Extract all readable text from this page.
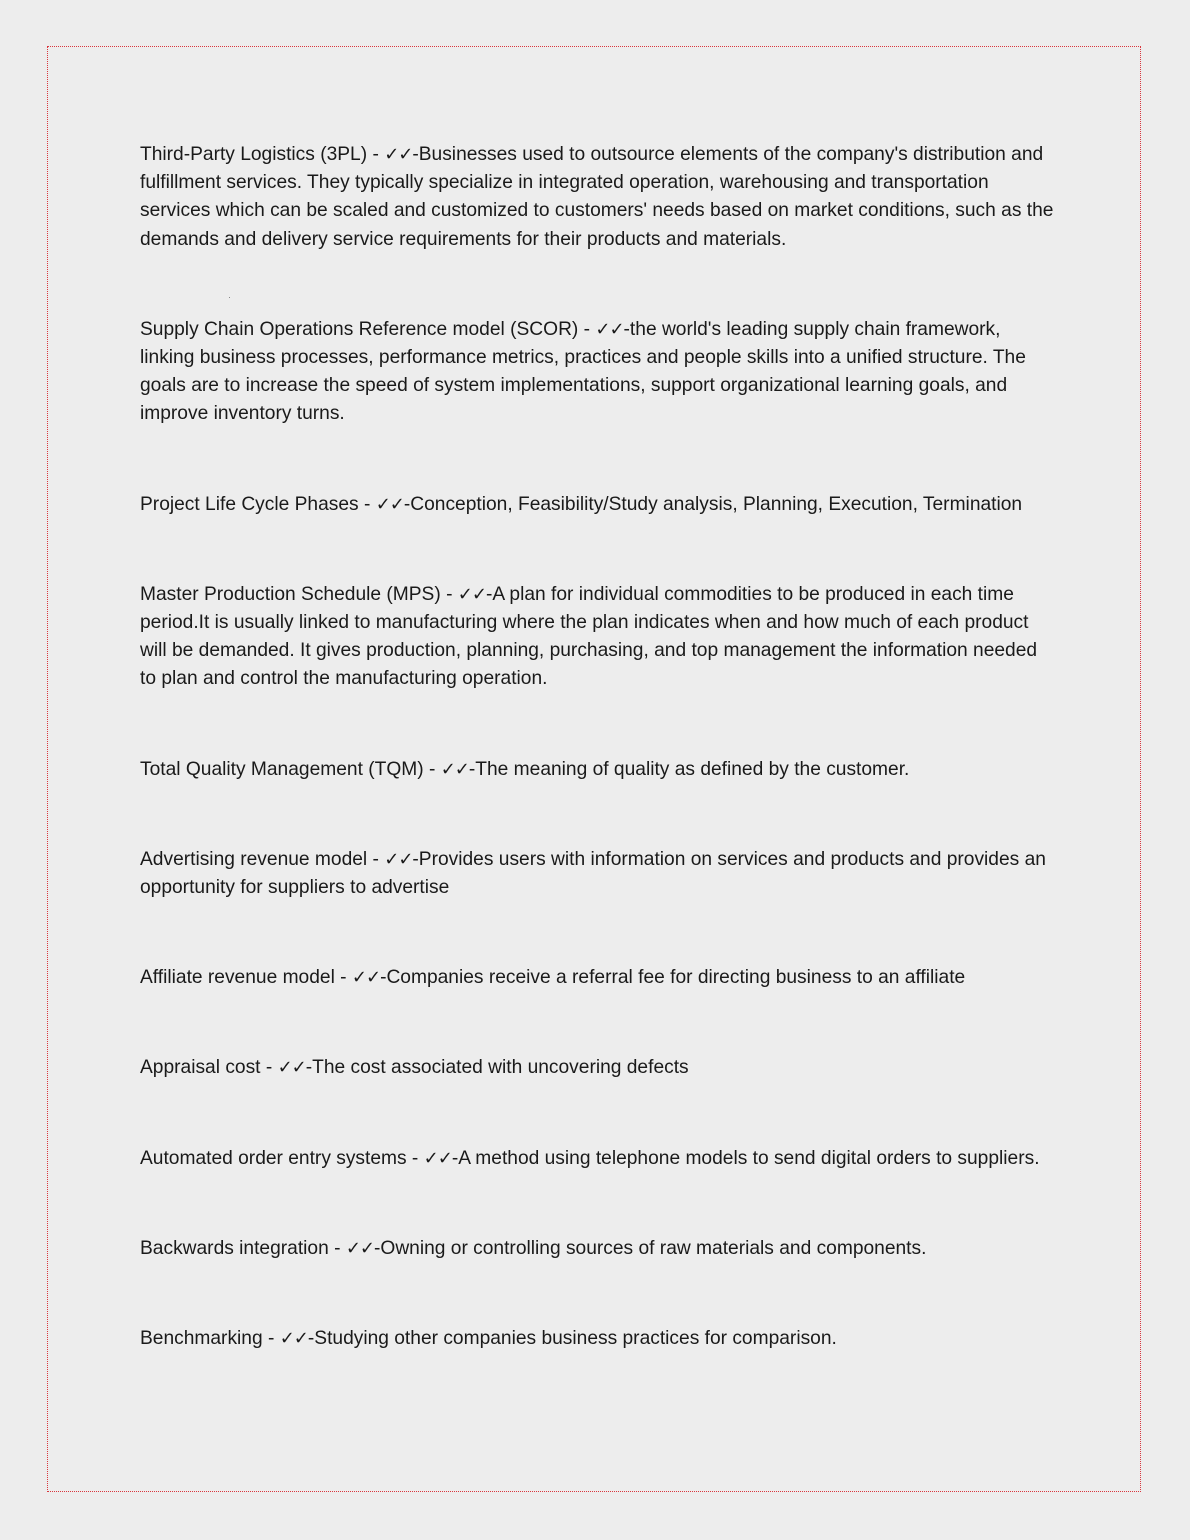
Third-Party Logistics (3PL) - ✓✓-Businesses used to outsource elements of the company's distribution and fulfillment services. They typically specialize in integrated operation, warehousing and transportation services which can be scaled and customized to customers' needs based on market conditions, such as the demands and delivery service requirements for their products and materials.

Supply Chain Operations Reference model (SCOR) - ✓✓-the world's leading supply chain framework, linking business processes, performance metrics, practices and people skills into a unified structure. The goals are to increase the speed of system implementations, support organizational learning goals, and improve inventory turns.

Project Life Cycle Phases - ✓✓-Conception, Feasibility/Study analysis, Planning, Execution, Termination

Master Production Schedule (MPS) - ✓✓-A plan for individual commodities to be produced in each time period.It is usually linked to manufacturing where the plan indicates when and how much of each product will be demanded. It gives production, planning, purchasing, and top management the information needed to plan and control the manufacturing operation.

Total Quality Management (TQM) - ✓✓-The meaning of quality as defined by the customer.

Advertising revenue model - ✓✓-Provides users with information on services and products and provides an opportunity for suppliers to advertise

Affiliate revenue model - ✓✓-Companies receive a referral fee for directing business to an affiliate

Appraisal cost - ✓✓-The cost associated with uncovering defects

Automated order entry systems - ✓✓-A method using telephone models to send digital orders to suppliers.

Backwards integration - ✓✓-Owning or controlling sources of raw materials and components.

Benchmarking - ✓✓-Studying other companies business practices for comparison.
